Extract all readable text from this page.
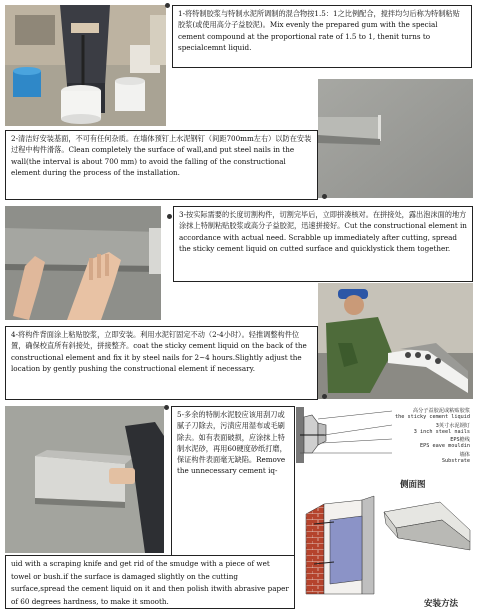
1-将特制胶浆与特制水泥所调制的混合物按1.5：1之比例配合，搅拌均匀后称为特制粘贴胶浆(或使用高分子益胶泥)。Mix evenly the prepared gum with the special cement compound at the proportional rate of 1.5 to 1, thenit turns to specialcemnt liquid.
2-清洁好安装基面，不可有任何杂质。在墙体预钉上水泥钢钉（间距700mm左右）以防在安装过程中构件滑落。Clean completely the surface of wall,and put steel nails in the wall(the interval is about 700 mm) to avoid the falling of the constructional element during the process of the installation.
3-按实际需要的长度切割构件，切割完毕后，立即拼凑核对。在拼接处，露出泡沫面的地方涂抹上特制粘贴胶浆或高分子益胶泥，迅速拼接好。Cut the constructional element in accordance with actual need. Scrabble up immediately after cutting, spread the sticky cement liquid on cutted surface and quicklystick them together.
4-将构件背面涂上粘贴胶浆，立即安装。利用水泥钉固定不动（2-4小时）。轻推调整构件位置，确保校直所有斜接处，拼接整齐。coat the sticky cement liquid on the back of the constructional element and fix it by steel nails for 2~4 hours.Slightly adjust the location by gently pushing the constructional element if necessary.
5-多余的特制水泥胶应该用刮刀或腻子刀除去，污渍应用湿布或毛刷除去。如有表面破损，应涂抹上特制水泥砂，再用60硬度砂纸打磨，保证构件表面毫无缺陷。Remove the unnecessary cement iq-
uid with a scraping knife and get rid of the smudge with a piece of wet towel or bush.if the surface is damaged slightly on the cutting surface,spread the cement liquid on it and then polish itwith abrasive paper of 60 degrees hardness, to make it smooth.
高分子益胶泥或粘贴胶浆
the sticky cement liquid
3英寸水泥钢钉
3 inch steel nails
EPS檐线
EPS eave mouldin
墙体
Substrate
侧面图
安装方法
